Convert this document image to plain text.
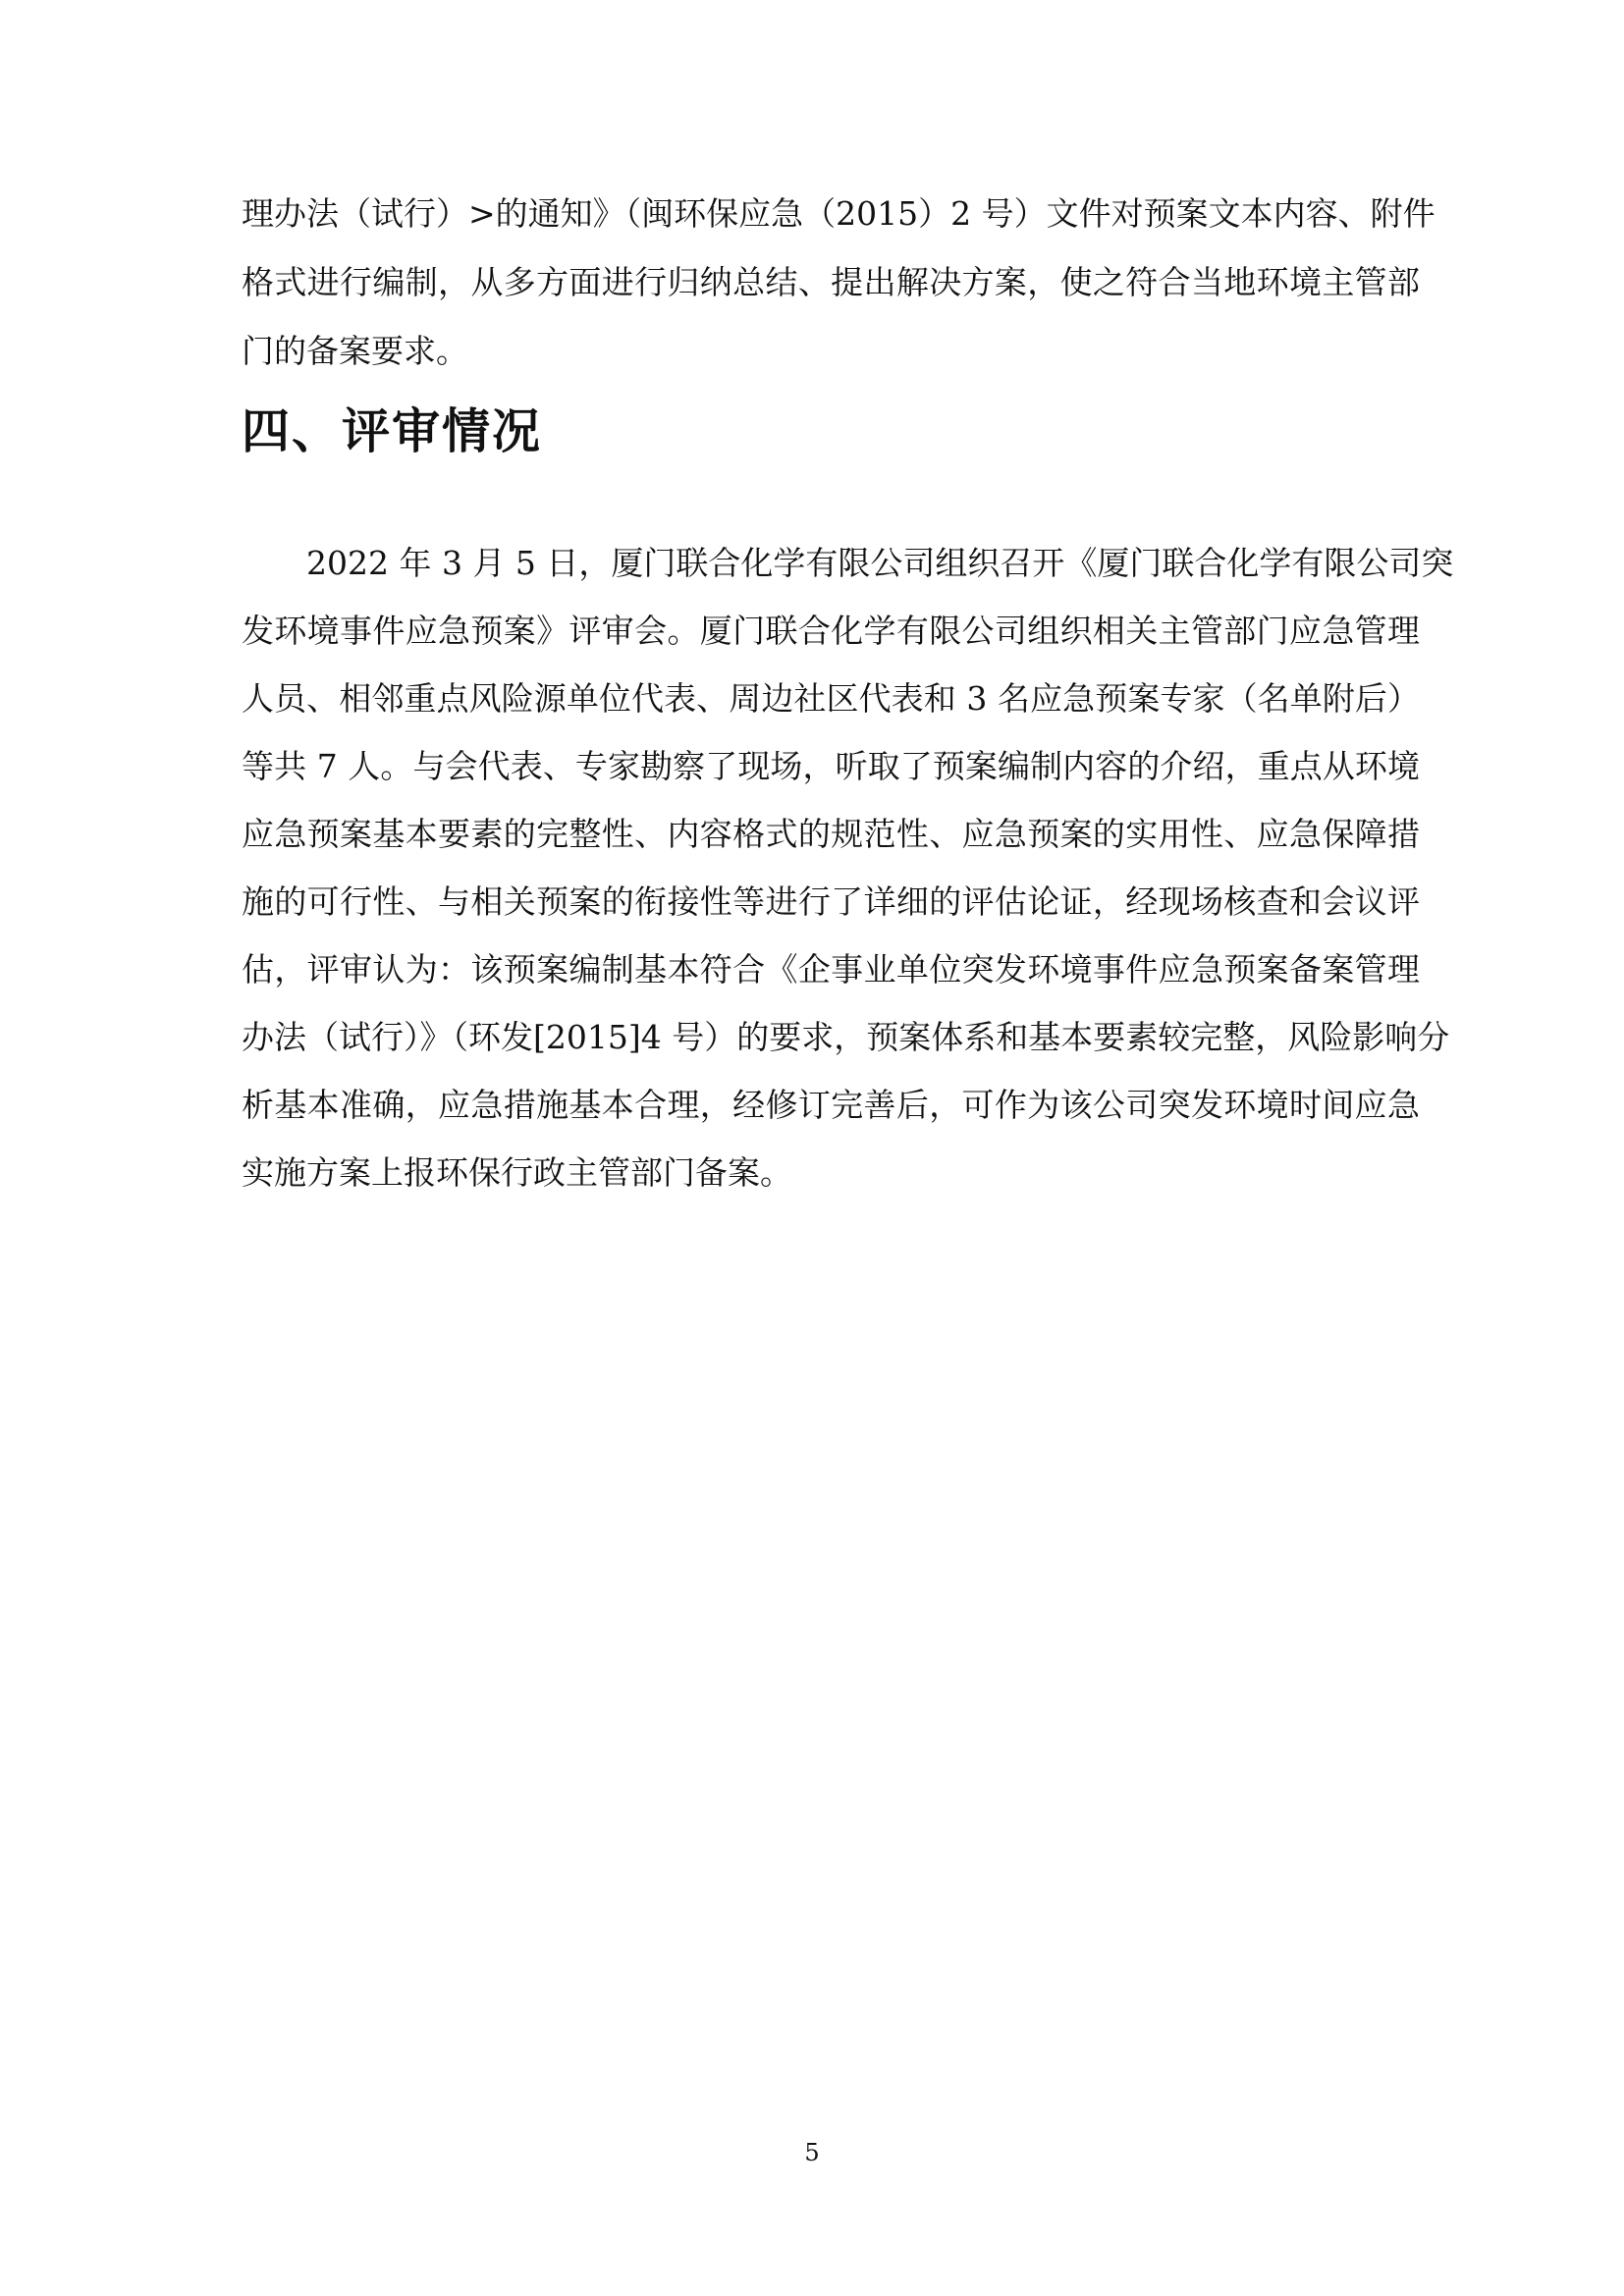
理办法（试行）>的通知》（闽环保应急（2015）2 号）文件对预案文本内容、附件
格式进行编制，从多方面进行归纳总结、提出解决方案，使之符合当地环境主管部
门的备案要求。
四、评审情况
2022 年 3 月 5 日，厦门联合化学有限公司组织召开《厦门联合化学有限公司突
发环境事件应急预案》评审会。厦门联合化学有限公司组织相关主管部门应急管理
人员、相邻重点风险源单位代表、周边社区代表和 3 名应急预案专家（名单附后）
等共 7 人。与会代表、专家勘察了现场，听取了预案编制内容的介绍，重点从环境
应急预案基本要素的完整性、内容格式的规范性、应急预案的实用性、应急保障措
施的可行性、与相关预案的衔接性等进行了详细的评估论证，经现场核查和会议评
估，评审认为：该预案编制基本符合《企事业单位突发环境事件应急预案备案管理
办法（试行）》（环发[2015]4 号）的要求，预案体系和基本要素较完整，风险影响分
析基本准确，应急措施基本合理，经修订完善后，可作为该公司突发环境时间应急
实施方案上报环保行政主管部门备案。
5
